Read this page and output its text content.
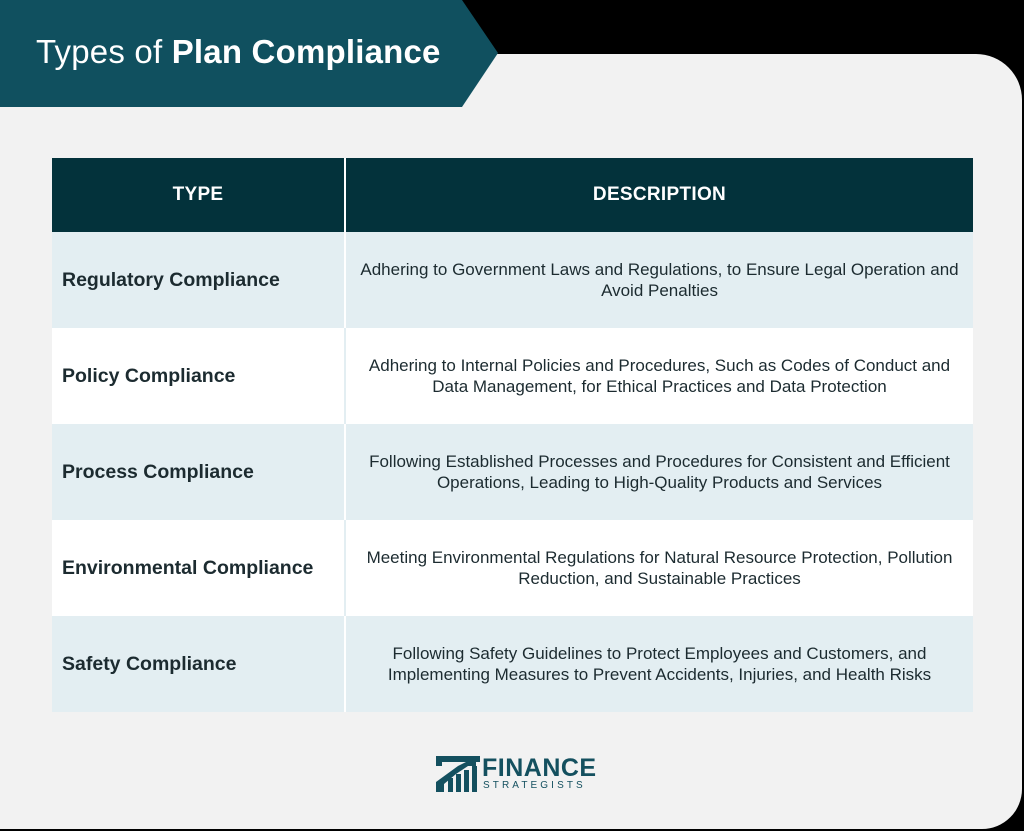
Types of Plan Compliance
TYPE	DESCRIPTION
Regulatory Compliance	Adhering to Government Laws and Regulations, to Ensure Legal Operation and Avoid Penalties
Policy Compliance	Adhering to Internal Policies and Procedures, Such as Codes of Conduct and Data Management, for Ethical Practices and Data Protection
Process Compliance	Following Established Processes and Procedures for Consistent and Efficient Operations, Leading to High-Quality Products and Services
Environmental Compliance	Meeting Environmental Regulations for Natural Resource Protection, Pollution Reduction, and Sustainable Practices
Safety Compliance	Following Safety Guidelines to Protect Employees and Customers, and Implementing Measures to Prevent Accidents, Injuries, and Health Risks
FINANCE
STRATEGISTS
